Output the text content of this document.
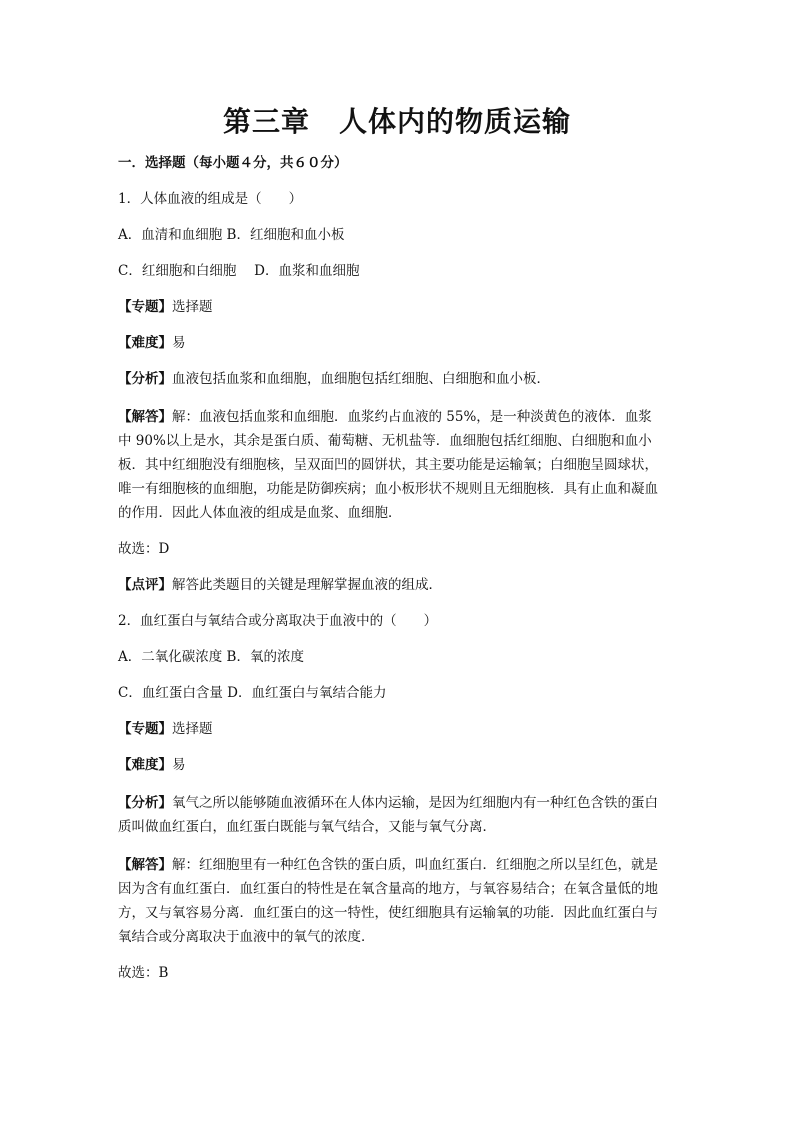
第三章　人体内的物质运输
一．选择题（每小题４分，共６０分）

1．人体血液的组成是（　　）

A．血清和血细胞 B．红细胞和血小板

C．红细胞和白细胞　 D．血浆和血细胞

【专题】选择题

【难度】易

【分析】血液包括血浆和血细胞，血细胞包括红细胞、白细胞和血小板．

【解答】解：血液包括血浆和血细胞．血浆约占血液的 55%，是一种淡黄色的液体．血浆
中 90%以上是水，其余是蛋白质、葡萄糖、无机盐等．血细胞包括红细胞、白细胞和血小
板．其中红细胞没有细胞核，呈双面凹的圆饼状，其主要功能是运输氧；白细胞呈圆球状，
唯一有细胞核的血细胞，功能是防御疾病；血小板形状不规则且无细胞核．具有止血和凝血
的作用．因此人体血液的组成是血浆、血细胞．

故选：D

【点评】解答此类题目的关键是理解掌握血液的组成．

2．血红蛋白与氧结合或分离取决于血液中的（　　）

A．二氧化碳浓度 B．氧的浓度

C．血红蛋白含量 D．血红蛋白与氧结合能力

【专题】选择题

【难度】易

【分析】氧气之所以能够随血液循环在人体内运输，是因为红细胞内有一种红色含铁的蛋白
质叫做血红蛋白，血红蛋白既能与氧气结合，又能与氧气分离．
【解答】解：红细胞里有一种红色含铁的蛋白质，叫血红蛋白．红细胞之所以呈红色，就是
因为含有血红蛋白．血红蛋白的特性是在氧含量高的地方，与氧容易结合；在氧含量低的地
方，又与氧容易分离．血红蛋白的这一特性，使红细胞具有运输氧的功能．因此血红蛋白与
氧结合或分离取决于血液中的氧气的浓度．

故选：B
